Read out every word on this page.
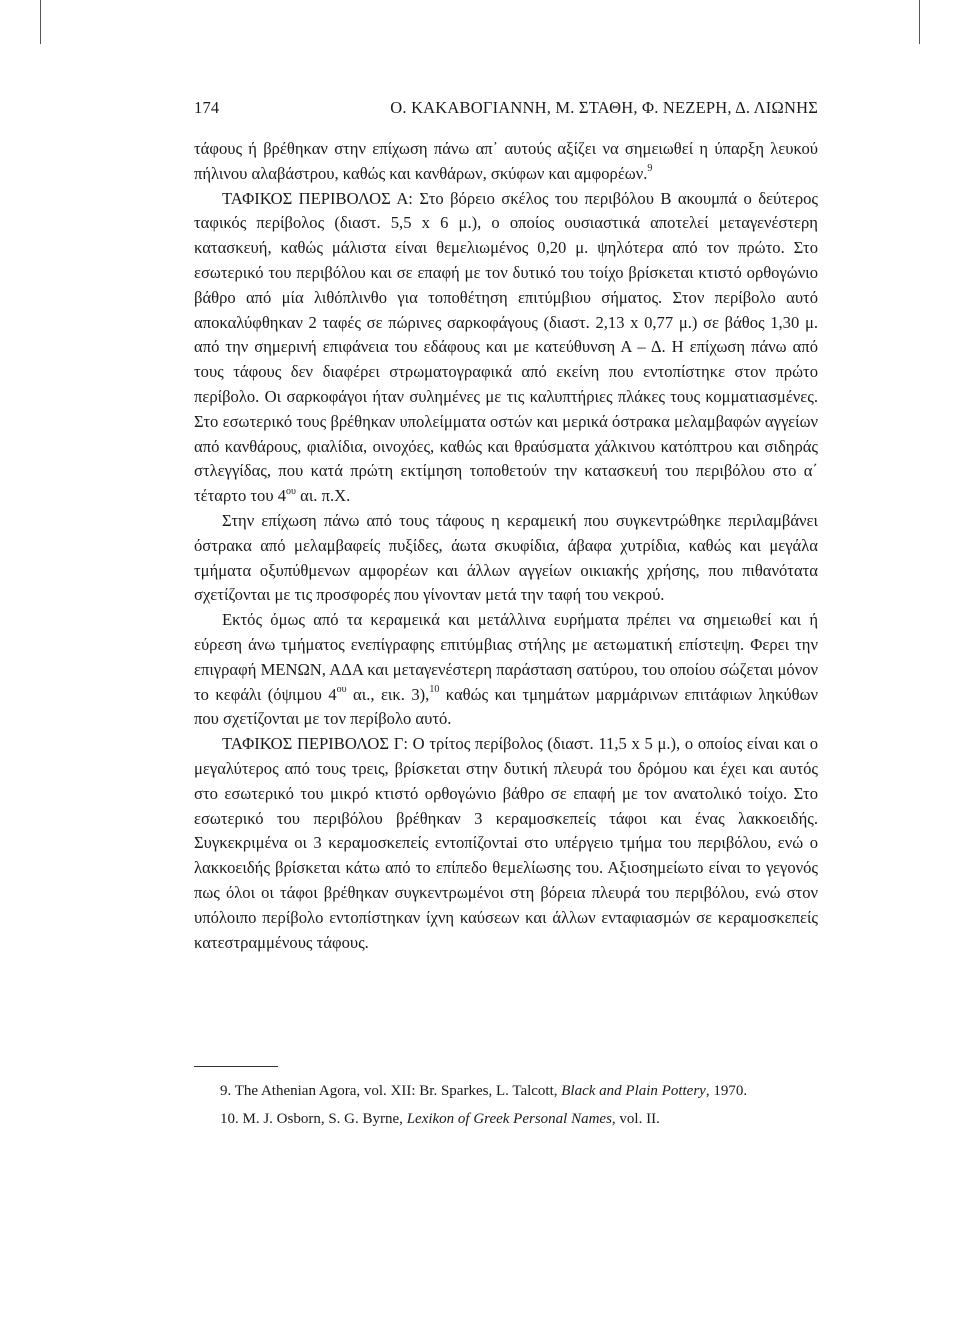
174	Ο. ΚΑΚΑΒΟΓΙΑΝΝΗ, Μ. ΣΤΑΘΗ, Φ. ΝΕΖΕΡΗ, Δ. ΛΙΩΝΗΣ

τάφους ή βρέθηκαν στην επίχωση πάνω απ᾽ αυτούς αξίζει να σημειωθεί η ύπαρξη λευκού πήλινου αλαβάστρου, καθώς και κανθάρων, σκύφων και αμφορέων.$^9$

ΤΑΦΙΚΟΣ ΠΕΡΙΒΟΛΟΣ Α: Στο βόρειο σκέλος του περιβόλου Β ακουμπά ο δεύτερος ταφικός περίβολος (διαστ. 5,5 x 6 μ.), ο οποίος ουσιαστικά αποτελεί μεταγενέστερη κατασκευή, καθώς μάλιστα είναι θεμελιωμένος 0,20 μ. ψηλότερα από τον πρώτο. Στο εσωτερικό του περιβόλου και σε επαφή με τον δυτικό του τοίχο βρίσκεται κτιστό ορθογώνιο βάθρο από μία λιθόπλινθο για τοποθέτηση επιτύμβιου σήματος. Στον περίβολο αυτό αποκαλύφθηκαν 2 ταφές σε πώρινες σαρκοφάγους (διαστ. 2,13 x 0,77 μ.) σε βάθος 1,30 μ. από την σημερινή επιφάνεια του εδάφους και με κατεύθυνση Α – Δ. Η επίχωση πάνω από τους τάφους δεν διαφέρει στρωματογραφικά από εκείνη που εντοπίστηκε στον πρώτο περίβολο. Οι σαρκοφάγοι ήταν συλημένες με τις καλυπτήριες πλάκες τους κομματιασμένες. Στο εσωτερικό τους βρέθηκαν υπολείμματα οστών και μερικά όστρακα μελαμβαφών αγγείων από κανθάρους, φιαλίδια, οινοχόες, καθώς και θραύσματα χάλκινου κατόπτρου και σιδηράς στλεγγίδας, που κατά πρώτη εκτίμηση τοποθετούν την κατασκευή του περιβόλου στο α΄ τέταρτο του $4^{o\upsilon}$ αι. π.Χ.

Στην επίχωση πάνω από τους τάφους η κεραμεική που συγκεντρώθηκε περιλαμβάνει όστρακα από μελαμβαφείς πυξίδες, άωτα σκυφίδια, άβαφα χυτρίδια, καθώς και μεγάλα τμήματα οξυπύθμενων αμφορέων και άλλων αγγείων οικιακής χρήσης, που πιθανότατα σχετίζονται με τις προσφορές που γίνονταν μετά την ταφή του νεκρού.

Εκτός όμως από τα κεραμεικά και μετάλλινα ευρήματα πρέπει να σημειωθεί και ή εύρεση άνω τμήματος ενεπίγραφης επιτύμβιας στήλης με αετωματική επίστεψη. Φερει την επιγραφή ΜΕΝΩΝ, ΑΔΑ και μεταγενέστερη παράσταση σατύρου, του οποίου σώζεται μόνον το κεφάλι (όψιμου $4^{o\upsilon}$ αι., εικ. 3),$^{10}$ καθώς και τμημάτων μαρμάρινων επιτάφιων ληκύθων που σχετίζονται με τον περίβολο αυτό.

ΤΑΦΙΚΟΣ ΠΕΡΙΒΟΛΟΣ Γ: Ο τρίτος περίβολος (διαστ. 11,5 x 5 μ.), ο οποίος είναι και ο μεγαλύτερος από τους τρεις, βρίσκεται στην δυτική πλευρά του δρόμου και έχει και αυτός στο εσωτερικό του μικρό κτιστό ορθογώνιο βάθρο σε επαφή με τον ανατολικό τοίχο. Στο εσωτερικό του περιβόλου βρέθηκαν 3 κεραμοσκεπείς τάφοι και ένας λακκοειδής. Συγκεκριμένα οι 3 κεραμοσκεπείς εντοπίζοντai στο υπέργειο τμήμα του περιβόλου, ενώ ο λακκοειδής βρίσκεται κάτω από το επίπεδο θεμελίωσης του. Αξιοσημείωτο είναι το γεγονός πως όλοι οι τάφοι βρέθηκαν συγκεντρωμένοι στη βόρεια πλευρά του περιβόλου, ενώ στον υπόλοιπο περίβολο εντοπίστηκαν ίχνη καύσεων και άλλων ενταφιασμών σε κεραμοσκεπείς κατεστραμμένους τάφους.

9. The Athenian Agora, vol. XII: Br. Sparkes, L. Talcott, Black and Plain Pottery, 1970.
10. M. J. Osborn, S. G. Byrne, Lexikon of Greek Personal Names, vol. II.
